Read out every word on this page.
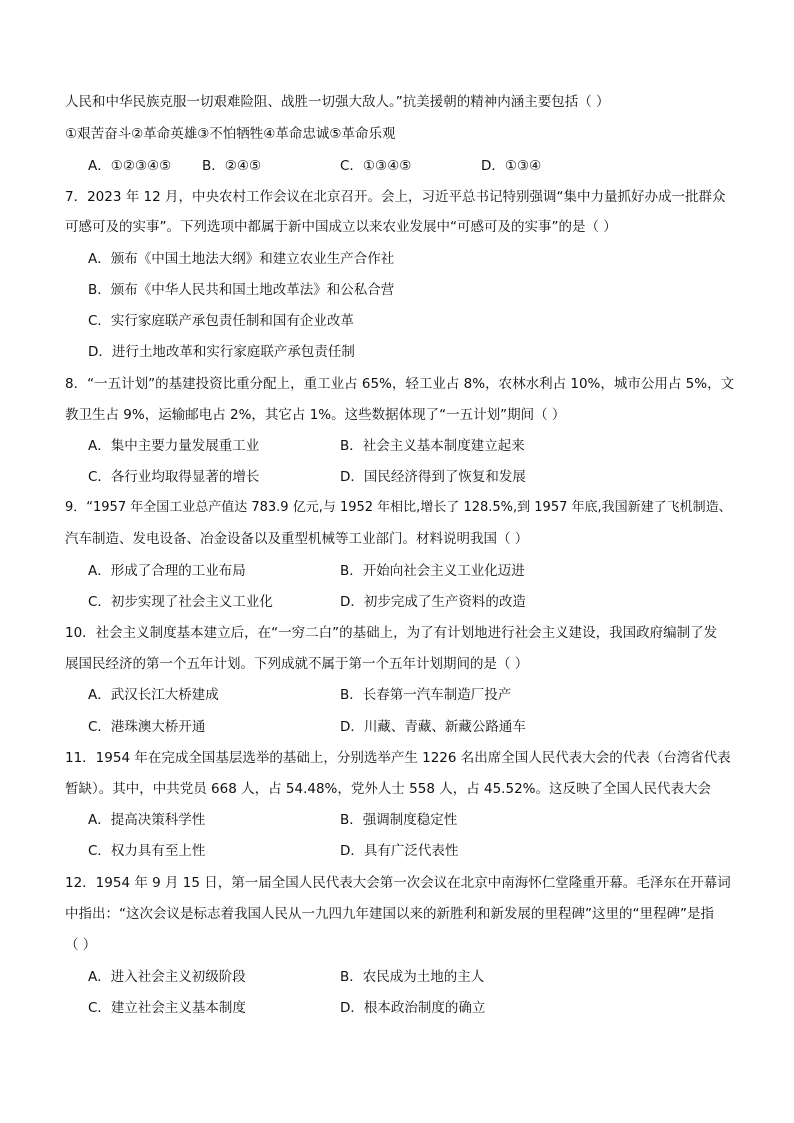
人民和中华民族克服一切艰难险阻、战胜一切强大敌人。”抗美援朝的精神内涵主要包括（ ）
①艰苦奋斗②革命英雄③不怕牺牲④革命忠诚⑤革命乐观
A．①②③④⑤ B．②④⑤	C．①③④⑤	D．①③④
7．2023 年 12 月，中央农村工作会议在北京召开。会上，习近平总书记特别强调“集中力量抓好办成一批群众
可感可及的实事”。下列选项中都属于新中国成立以来农业发展中“可感可及的实事”的是（ ）
A．颁布《中国土地法大纲》和建立农业生产合作社
B．颁布《中华人民共和国土地改革法》和公私合营
C．实行家庭联产承包责任制和国有企业改革
D．进行土地改革和实行家庭联产承包责任制
8．“一五计划”的基建投资比重分配上，重工业占 65%，轻工业占 8%，农林水利占 10%，城市公用占 5%，文
教卫生占 9%，运输邮电占 2%，其它占 1%。这些数据体现了“一五计划”期间（ ）
A．集中主要力量发展重工业	B．社会主义基本制度建立起来
C．各行业均取得显著的增长	D．国民经济得到了恢复和发展
9．“1957 年全国工业总产值达 783.9 亿元,与 1952 年相比,增长了 128.5%,到 1957 年底,我国新建了飞机制造、
汽车制造、发电设备、冶金设备以及重型机械等工业部门。材料说明我国（ ）
A．形成了合理的工业布局	B．开始向社会主义工业化迈进
C．初步实现了社会主义工业化	D．初步完成了生产资料的改造
10．社会主义制度基本建立后，在“一穷二白”的基础上，为了有计划地进行社会主义建设，我国政府编制了发
展国民经济的第一个五年计划。下列成就不属于第一个五年计划期间的是（ ）
A．武汉长江大桥建成	B．长春第一汽车制造厂投产
C．港珠澳大桥开通	D．川藏、青藏、新藏公路通车
11．1954 年在完成全国基层选举的基础上，分别选举产生 1226 名出席全国人民代表大会的代表（台湾省代表
暂缺）。其中，中共党员 668 人，占 54.48%，党外人士 558 人，占 45.52%。这反映了全国人民代表大会
A．提高决策科学性	B．强调制度稳定性
C．权力具有至上性	D．具有广泛代表性
12．1954 年 9 月 15 日，第一届全国人民代表大会第一次会议在北京中南海怀仁堂隆重开幕。毛泽东在开幕词
中指出：“这次会议是标志着我国人民从一九四九年建国以来的新胜利和新发展的里程碑”这里的“里程碑”是指
（ ）
A．进入社会主义初级阶段	B．农民成为土地的主人
C．建立社会主义基本制度	D．根本政治制度的确立
